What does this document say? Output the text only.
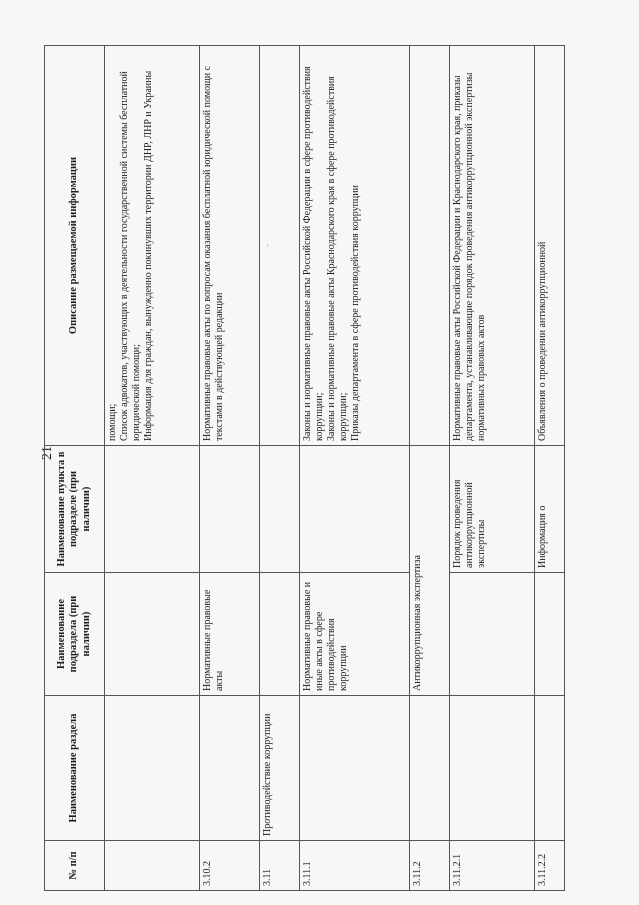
21
№ п/п	Наименование раздела	Наименование подраздела (при наличии)	Наименование пункта в подразделе (при наличии)	Описание размещаемой информации

				помощи; Список адвокатов, участвующих в деятельности государственной системы бесплатной юридической помощи; Информация для граждан, вынужденно покинувших территории ДНР, ЛНР и Украины

3.10.2		Нормативные правовые акты		Нормативные правовые акты по вопросам оказания бесплатной юридической помощи с текстами в действующей редакции

3.11	Противодействие коррупции			-

3.11.1		Нормативные правовые и иные акты в сфере противодействия коррупции		Законы и нормативные правовые акты Российской Федерации в сфере противодействия коррупции; Законы и нормативные правовые акты Краснодарского края в сфере противодействия коррупции; Приказы департамента в сфере противодействия коррупции

3.11.2		Антикоррупционная экспертиза		
3.11.2.1			Порядок проведения антикоррупционной экспертизы	Нормативные правовые акты Российской Федерации и Краснодарского края, приказы департамента, устанавливающие порядок проведения антикоррупционной экспертизы нормативных правовых актов

3.11.2.2			Информация о	Объявления о проведении антикоррупционной
